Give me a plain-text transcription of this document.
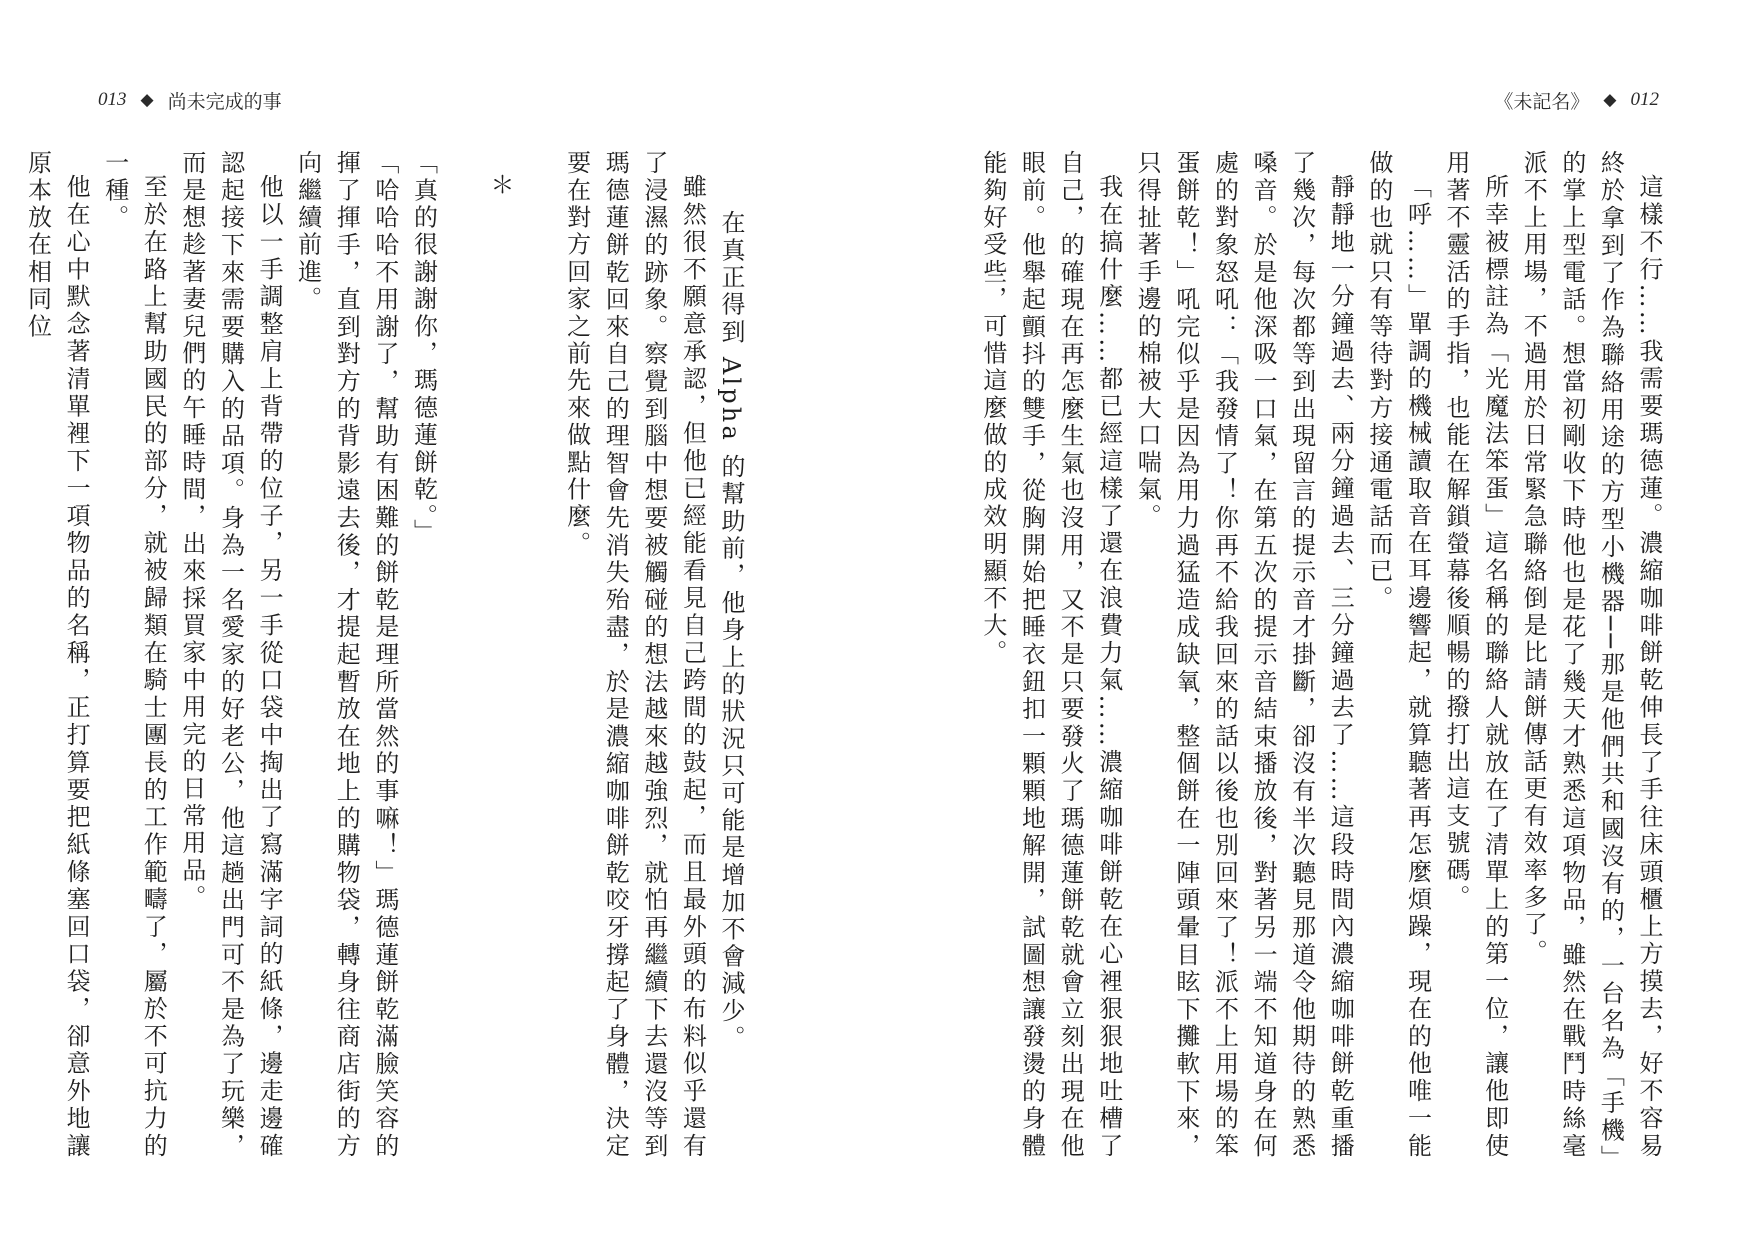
013 ◆ 尚未完成的事	《未記名》 ◆ 012

這樣不行……我需要瑪德蓮。濃縮咖啡餅乾伸長了手往床頭櫃上方摸去，好不容易終於拿到了作為聯絡用途的方型小機器──那是他們共和國沒有的，一台名為「手機」的掌上型電話。想當初剛收下時他也是花了幾天才熟悉這項物品，雖然在戰鬥時絲毫派不上用場，不過用於日常緊急聯絡倒是比請餅傳話更有效率多了。

所幸被標註為「光魔法笨蛋」這名稱的聯絡人就放在了清單上的第一位，讓他即使用著不靈活的手指，也能在解鎖螢幕後順暢的撥打出這支號碼。

「呼……」單調的機械讀取音在耳邊響起，就算聽著再怎麼煩躁，現在的他唯一能做的也就只有等待對方接通電話而已。

靜靜地一分鐘過去、兩分鐘過去、三分鐘過去了……這段時間內濃縮咖啡餅乾重播了幾次，每次都等到出現留言的提示音才掛斷，卻沒有半次聽見那道令他期待的熟悉嗓音。於是他深吸一口氣，在第五次的提示音結束播放後，對著另一端不知道身在何處的對象怒吼：「我發情了！你再不給我回來的話以後也別回來了！派不上用場的笨蛋餅乾！」吼完似乎是因為用力過猛造成缺氧，整個餅在一陣頭暈目眩下攤軟下來，只得扯著手邊的棉被大口喘氣。

我在搞什麼……都已經這樣了還在浪費力氣……濃縮咖啡餅乾在心裡狠狠地吐槽了自己，的確現在再怎麼生氣也沒用，又不是只要發火了瑪德蓮餅乾就會立刻出現在他眼前。他舉起顫抖的雙手，從胸開始把睡衣鈕扣一顆顆地解開，試圖想讓發燙的身體能夠好受些，可惜這麼做的成效明顯不大。

在真正得到 Alpha 的幫助前，他身上的狀況只可能是增加不會減少。

雖然很不願意承認，但他已經能看見自己跨間的鼓起，而且最外頭的布料似乎還有了浸濕的跡象。察覺到腦中想要被觸碰的想法越來越強烈，就怕再繼續下去還沒等到瑪德蓮餅乾回來自己的理智會先消失殆盡，於是濃縮咖啡餅乾咬牙撐起了身體，決定要在對方回家之前先來做點什麼。

＊

「真的很謝謝你，瑪德蓮餅乾。」

「哈哈哈不用謝了，幫助有困難的餅乾是理所當然的事嘛！」瑪德蓮餅乾滿臉笑容的揮了揮手，直到對方的背影遠去後，才提起暫放在地上的購物袋，轉身往商店街的方向繼續前進。

他以一手調整肩上背帶的位子，另一手從口袋中掏出了寫滿字詞的紙條，邊走邊確認起接下來需要購入的品項。身為一名愛家的好老公，他這趟出門可不是為了玩樂，而是想趁著妻兒們的午睡時間，出來採買家中用完的日常用品。

至於在路上幫助國民的部分，就被歸類在騎士團長的工作範疇了，屬於不可抗力的一種。

他在心中默念著清單裡下一項物品的名稱，正打算要把紙條塞回口袋，卻意外地讓原本放在相同位
